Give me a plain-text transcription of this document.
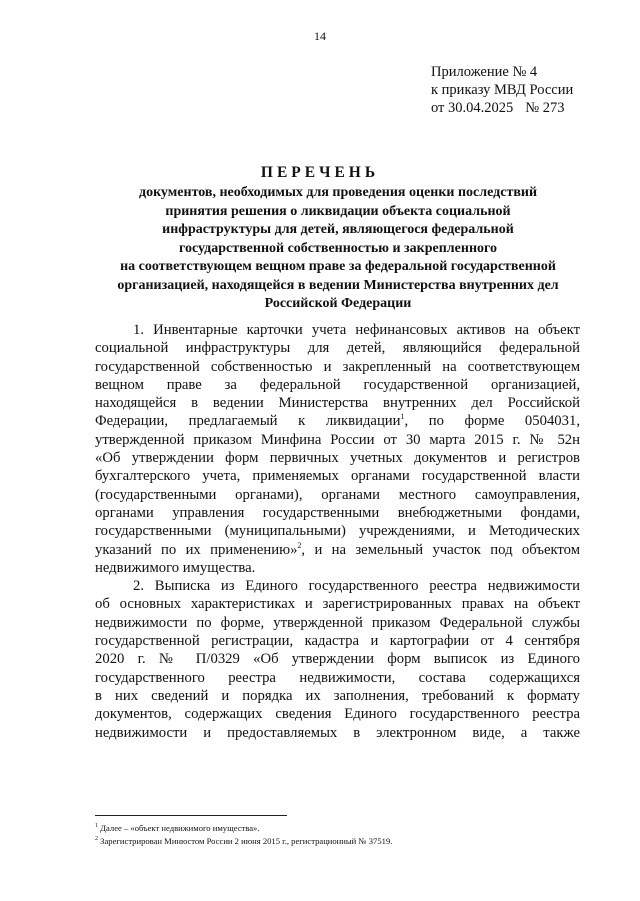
14
Приложение № 4
к приказу МВД России
от 30.04.2025 № 273
ПЕРЕЧЕНЬ
документов, необходимых для проведения оценки последствий
принятия решения о ликвидации объекта социальной
инфраструктуры для детей, являющегося федеральной
государственной собственностью и закрепленного
на соответствующем вещном праве за федеральной государственной
организацией, находящейся в ведении Министерства внутренних дел
Российской Федерации
1. Инвентарные карточки учета нефинансовых активов на объект
социальной инфраструктуры для детей, являющийся федеральной
государственной собственностью и закрепленный на соответствующем
вещном праве за федеральной государственной организацией,
находящейся в ведении Министерства внутренних дел Российской
Федерации, предлагаемый к ликвидации$^1$, по форме 0504031,
утвержденной приказом Минфина России от 30 марта 2015 г. № 52н
«Об утверждении форм первичных учетных документов и регистров
бухгалтерского учета, применяемых органами государственной власти
(государственными органами), органами местного самоуправления,
органами управления государственными внебюджетными фондами,
государственными (муниципальными) учреждениями, и Методических
указаний по их применению»$^2$, и на земельный участок под объектом
недвижимого имущества.
2. Выписка из Единого государственного реестра недвижимости
об основных характеристиках и зарегистрированных правах на объект
недвижимости по форме, утвержденной приказом Федеральной службы
государственной регистрации, кадастра и картографии от 4 сентября
2020 г. № П/0329 «Об утверждении форм выписок из Единого
государственного реестра недвижимости, состава содержащихся
в них сведений и порядка их заполнения, требований к формату
документов, содержащих сведения Единого государственного реестра
недвижимости и предоставляемых в электронном виде, а также
$^1$ Далее – «объект недвижимого имущества».
$^2$ Зарегистрирован Минюстом России 2 июня 2015 г., регистрационный № 37519.
